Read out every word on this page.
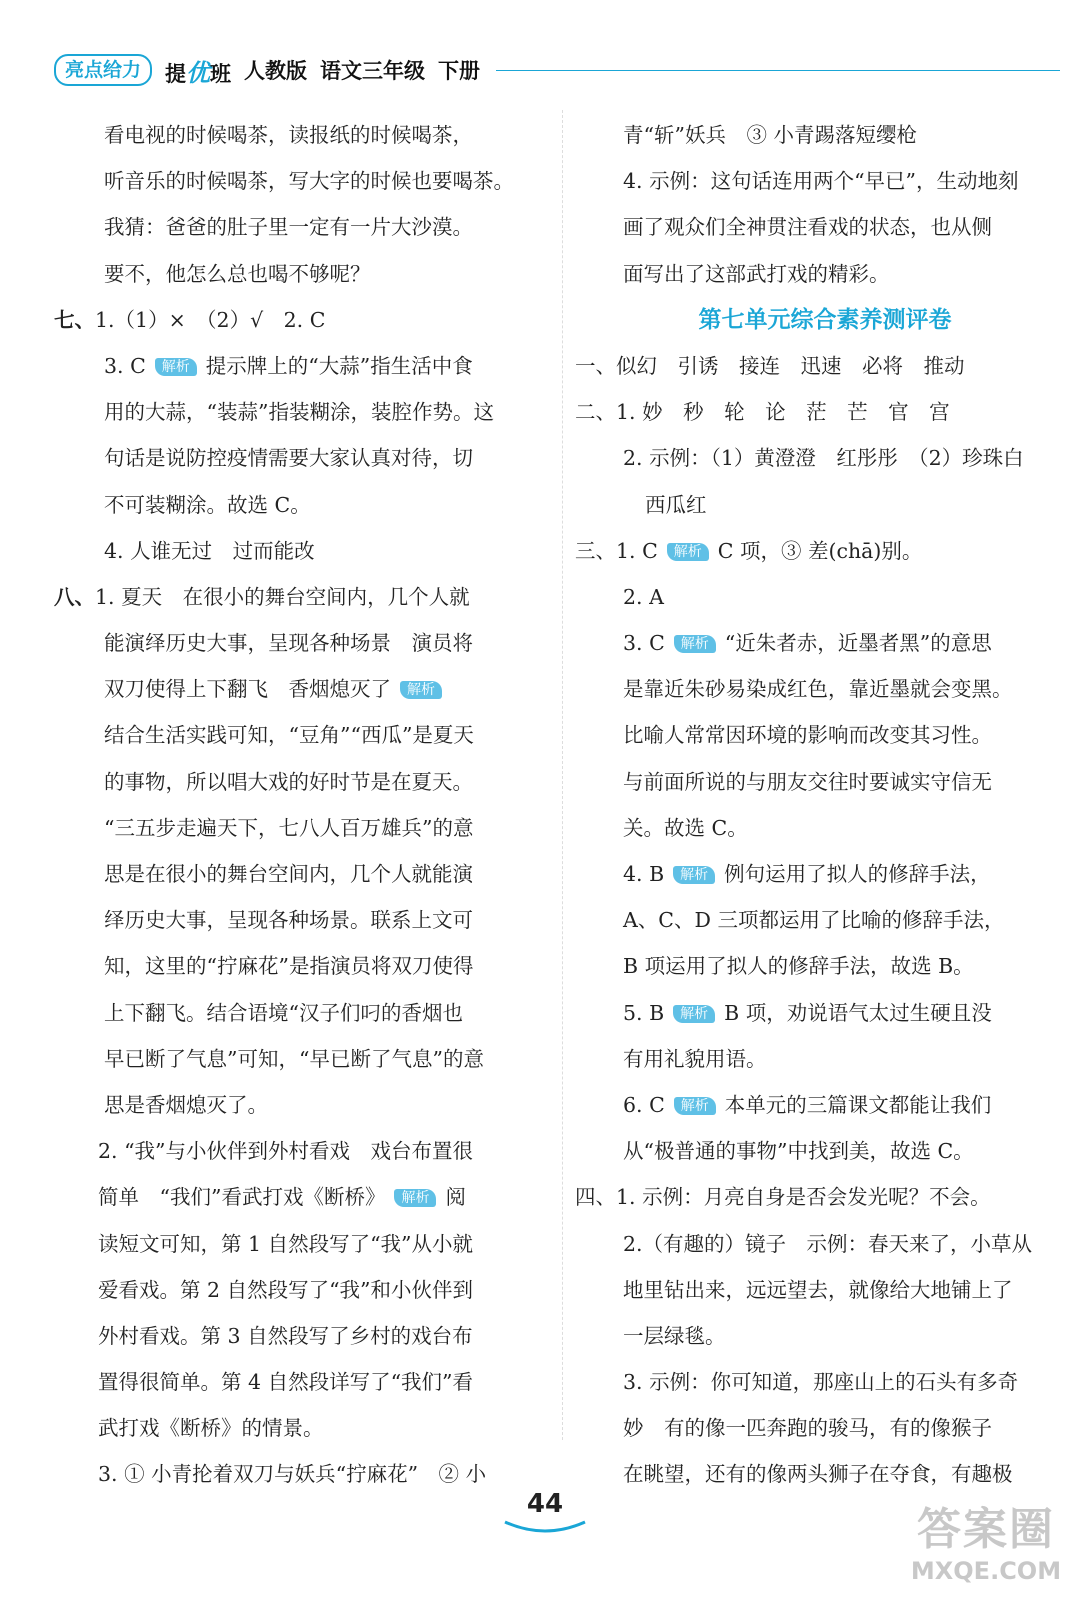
亮点给力	提优班 人教版 语文三年级 下册
看电视的时候喝茶，读报纸的时候喝茶，
听音乐的时候喝茶，写大字的时候也要喝茶。
我猜：爸爸的肚子里一定有一片大沙漠。
要不，他怎么总也喝不够呢？
七、1.（1）×　（2）√　2. C
3. C 解析 提示牌上的“大蒜”指生活中食
用的大蒜，“装蒜”指装糊涂，装腔作势。这
句话是说防控疫情需要大家认真对待，切
不可装糊涂。故选 C。
4. 人谁无过　过而能改
八、1. 夏天　在很小的舞台空间内，几个人就
能演绎历史大事，呈现各种场景　演员将
双刀使得上下翻飞　香烟熄灭了 解析
结合生活实践可知，“豆角”“西瓜”是夏天
的事物，所以唱大戏的好时节是在夏天。
“三五步走遍天下，七八人百万雄兵”的意
思是在很小的舞台空间内，几个人就能演
绎历史大事，呈现各种场景。联系上文可
知，这里的“拧麻花”是指演员将双刀使得
上下翻飞。结合语境“汉子们叼的香烟也
早已断了气息”可知，“早已断了气息”的意
思是香烟熄灭了。
2. “我”与小伙伴到外村看戏　戏台布置很
简单　“我们”看武打戏《断桥》 解析 阅
读短文可知，第 1 自然段写了“我”从小就
爱看戏。第 2 自然段写了“我”和小伙伴到
外村看戏。第 3 自然段写了乡村的戏台布
置得很简单。第 4 自然段详写了“我们”看
武打戏《断桥》的情景。
3. ① 小青抡着双刀与妖兵“拧麻花”　② 小
青“斩”妖兵　③ 小青踢落短缨枪
4. 示例：这句话连用两个“早已”，生动地刻
画了观众们全神贯注看戏的状态，也从侧
面写出了这部武打戏的精彩。
第七单元综合素养测评卷
一、似幻　引诱　接连　迅速　必将　推动
二、1. 妙　秒　轮　论　茫　芒　官　宫
2. 示例：（1）黄澄澄　红彤彤　（2）珍珠白
西瓜红
三、1. C 解析 C 项，③ 差(chā)别。
2. A
3. C 解析 “近朱者赤，近墨者黑”的意思
是靠近朱砂易染成红色，靠近墨就会变黑。
比喻人常常因环境的影响而改变其习性。
与前面所说的与朋友交往时要诚实守信无
关。故选 C。
4. B 解析 例句运用了拟人的修辞手法，
A、C、D 三项都运用了比喻的修辞手法，
B 项运用了拟人的修辞手法，故选 B。
5. B 解析 B 项，劝说语气太过生硬且没
有用礼貌用语。
6. C 解析 本单元的三篇课文都能让我们
从“极普通的事物”中找到美，故选 C。
四、1. 示例：月亮自身是否会发光呢？不会。
2.（有趣的）镜子　示例：春天来了，小草从
地里钻出来，远远望去，就像给大地铺上了
一层绿毯。
3. 示例：你可知道，那座山上的石头有多奇
妙　有的像一匹奔跑的骏马，有的像猴子
在眺望，还有的像两头狮子在夺食，有趣极
44	答案圈
MXQE.COM
